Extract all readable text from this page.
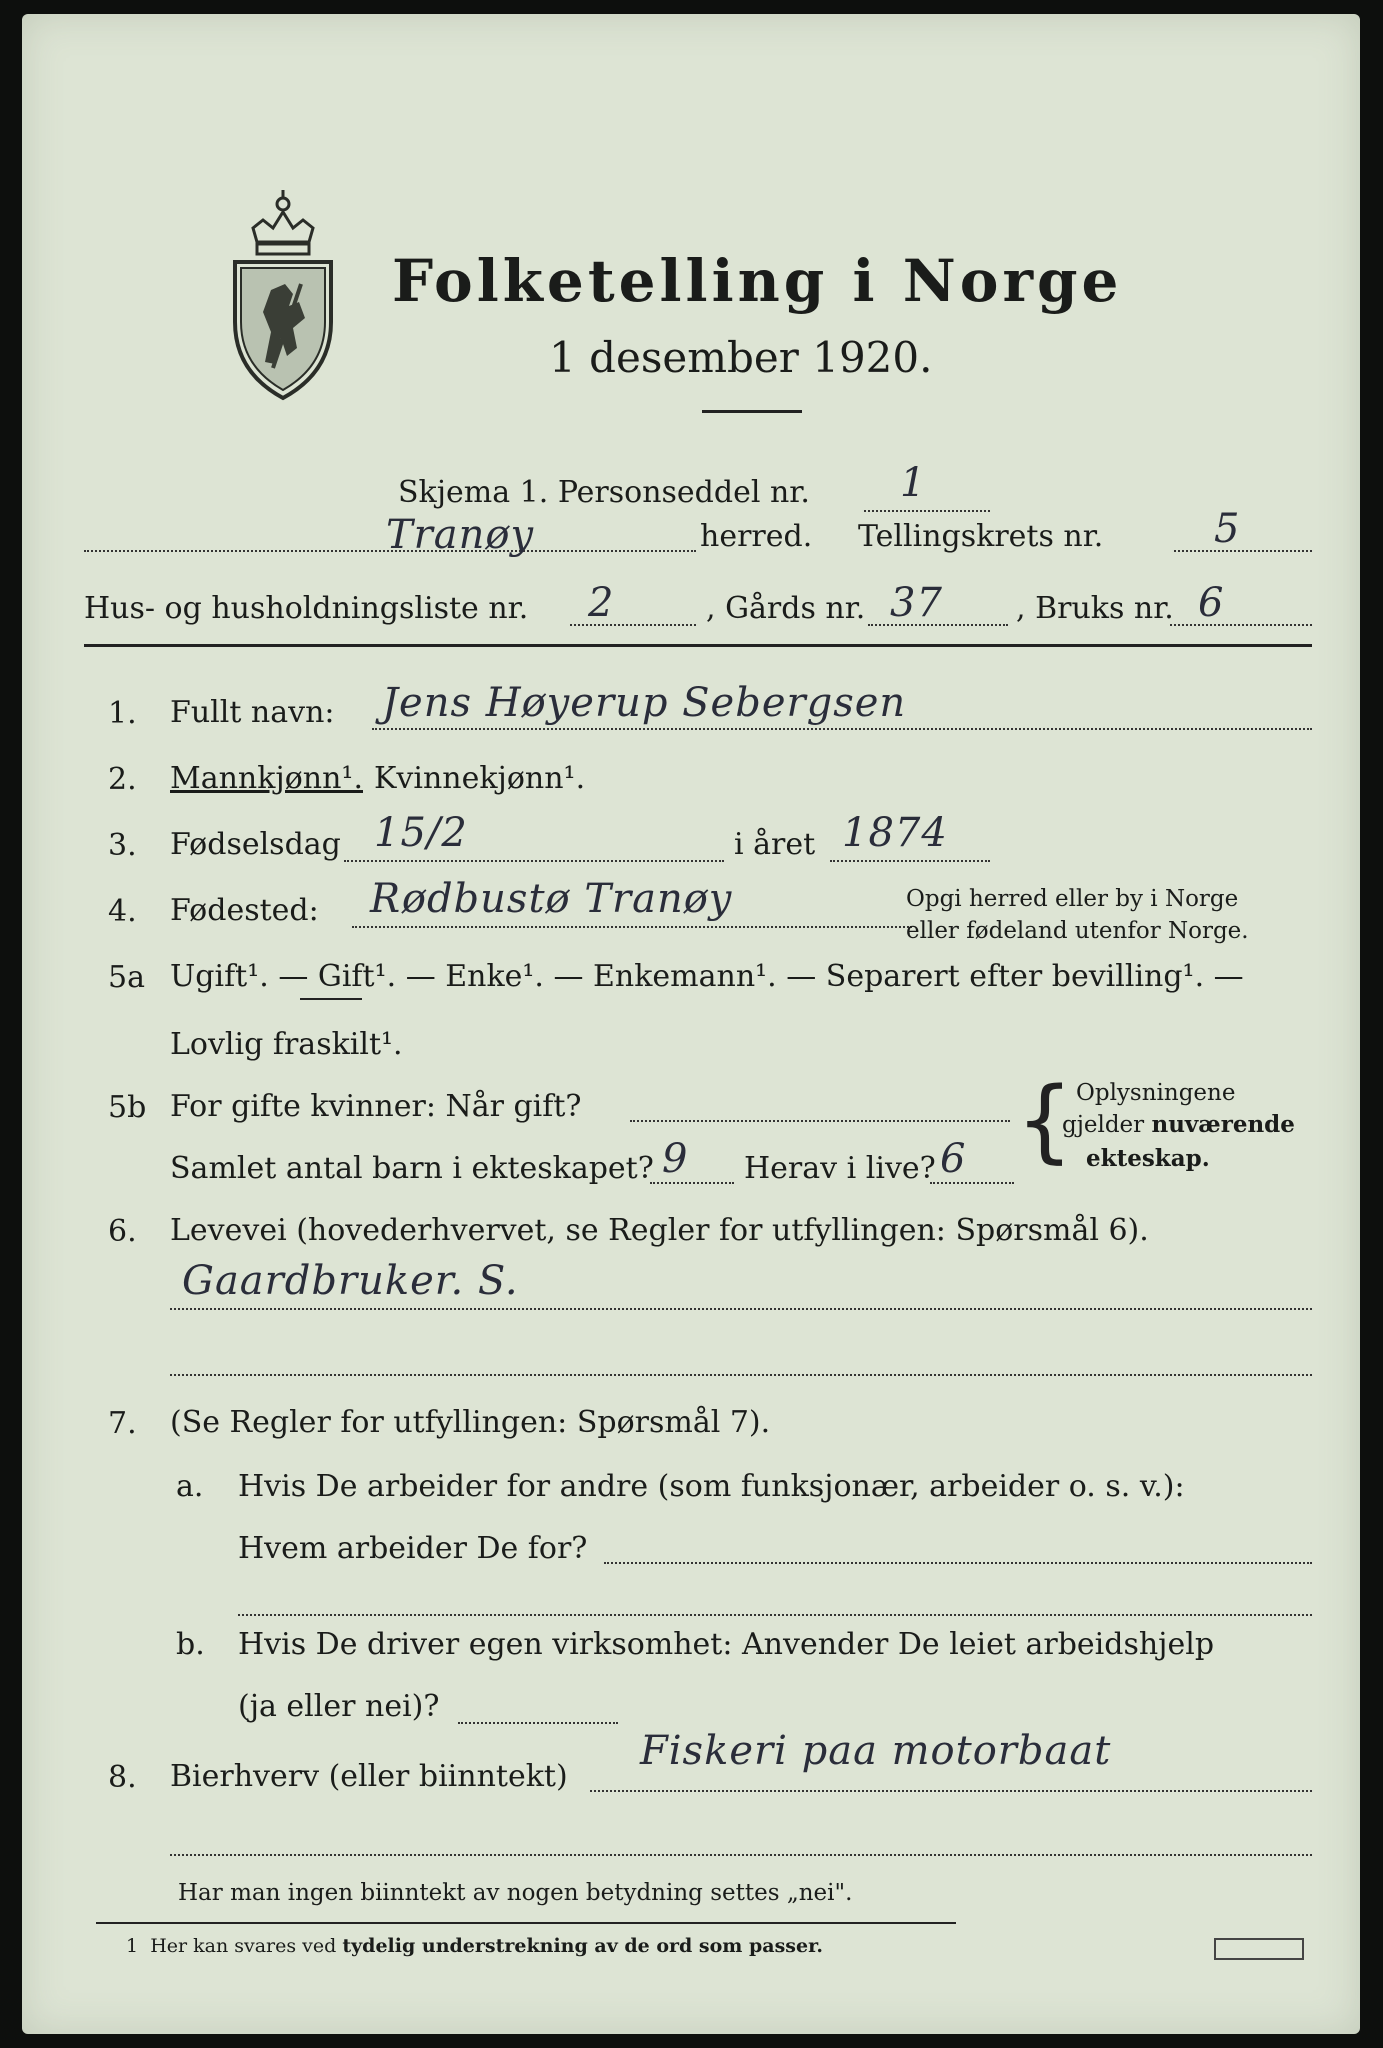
Folketelling i Norge
1 desember 1920.
Skjema 1. Personseddel nr. 1
Tranøy	herred. Tellingskrets nr.	5
Hus- og husholdningsliste nr. 2	, Gårds nr. 37 , Bruks nr. 6
1. Fullt navn: Jens Høyerup Sebergsen
2. Mannkjønn¹. Kvinnekjønn¹.
3. Fødselsdag 15/2	i året 1874
4. Fødested: Rødbustø Tranøy	Opgi herred eller by i Norge
eller fødeland utenfor Norge.
5a Ugift¹. — Gift¹. — Enke¹. — Enkemann¹. — Separert efter bevilling¹. —
Lovlig fraskilt¹.
5b For gifte kvinner: Når gift?
Samlet antal barn i ekteskapet? 9 Herav i live? 6 { Oplysningene
gjelder nuværende
ekteskap.
6. Levevei (hovederhvervet, se Regler for utfyllingen: Spørsmål 6).
Gaardbruker. S.
7. (Se Regler for utfyllingen: Spørsmål 7).
a. Hvis De arbeider for andre (som funksjonær, arbeider o. s. v.):
Hvem arbeider De for?
b. Hvis De driver egen virksomhet: Anvender De leiet arbeidshjelp
(ja eller nei)?
8. Bierhverv (eller biinntekt)
Fiskeri paa motorbaat
Har man ingen biinntekt av nogen betydning settes „nei".
1 Her kan svares ved tydelig understrekning av de ord som passer.
